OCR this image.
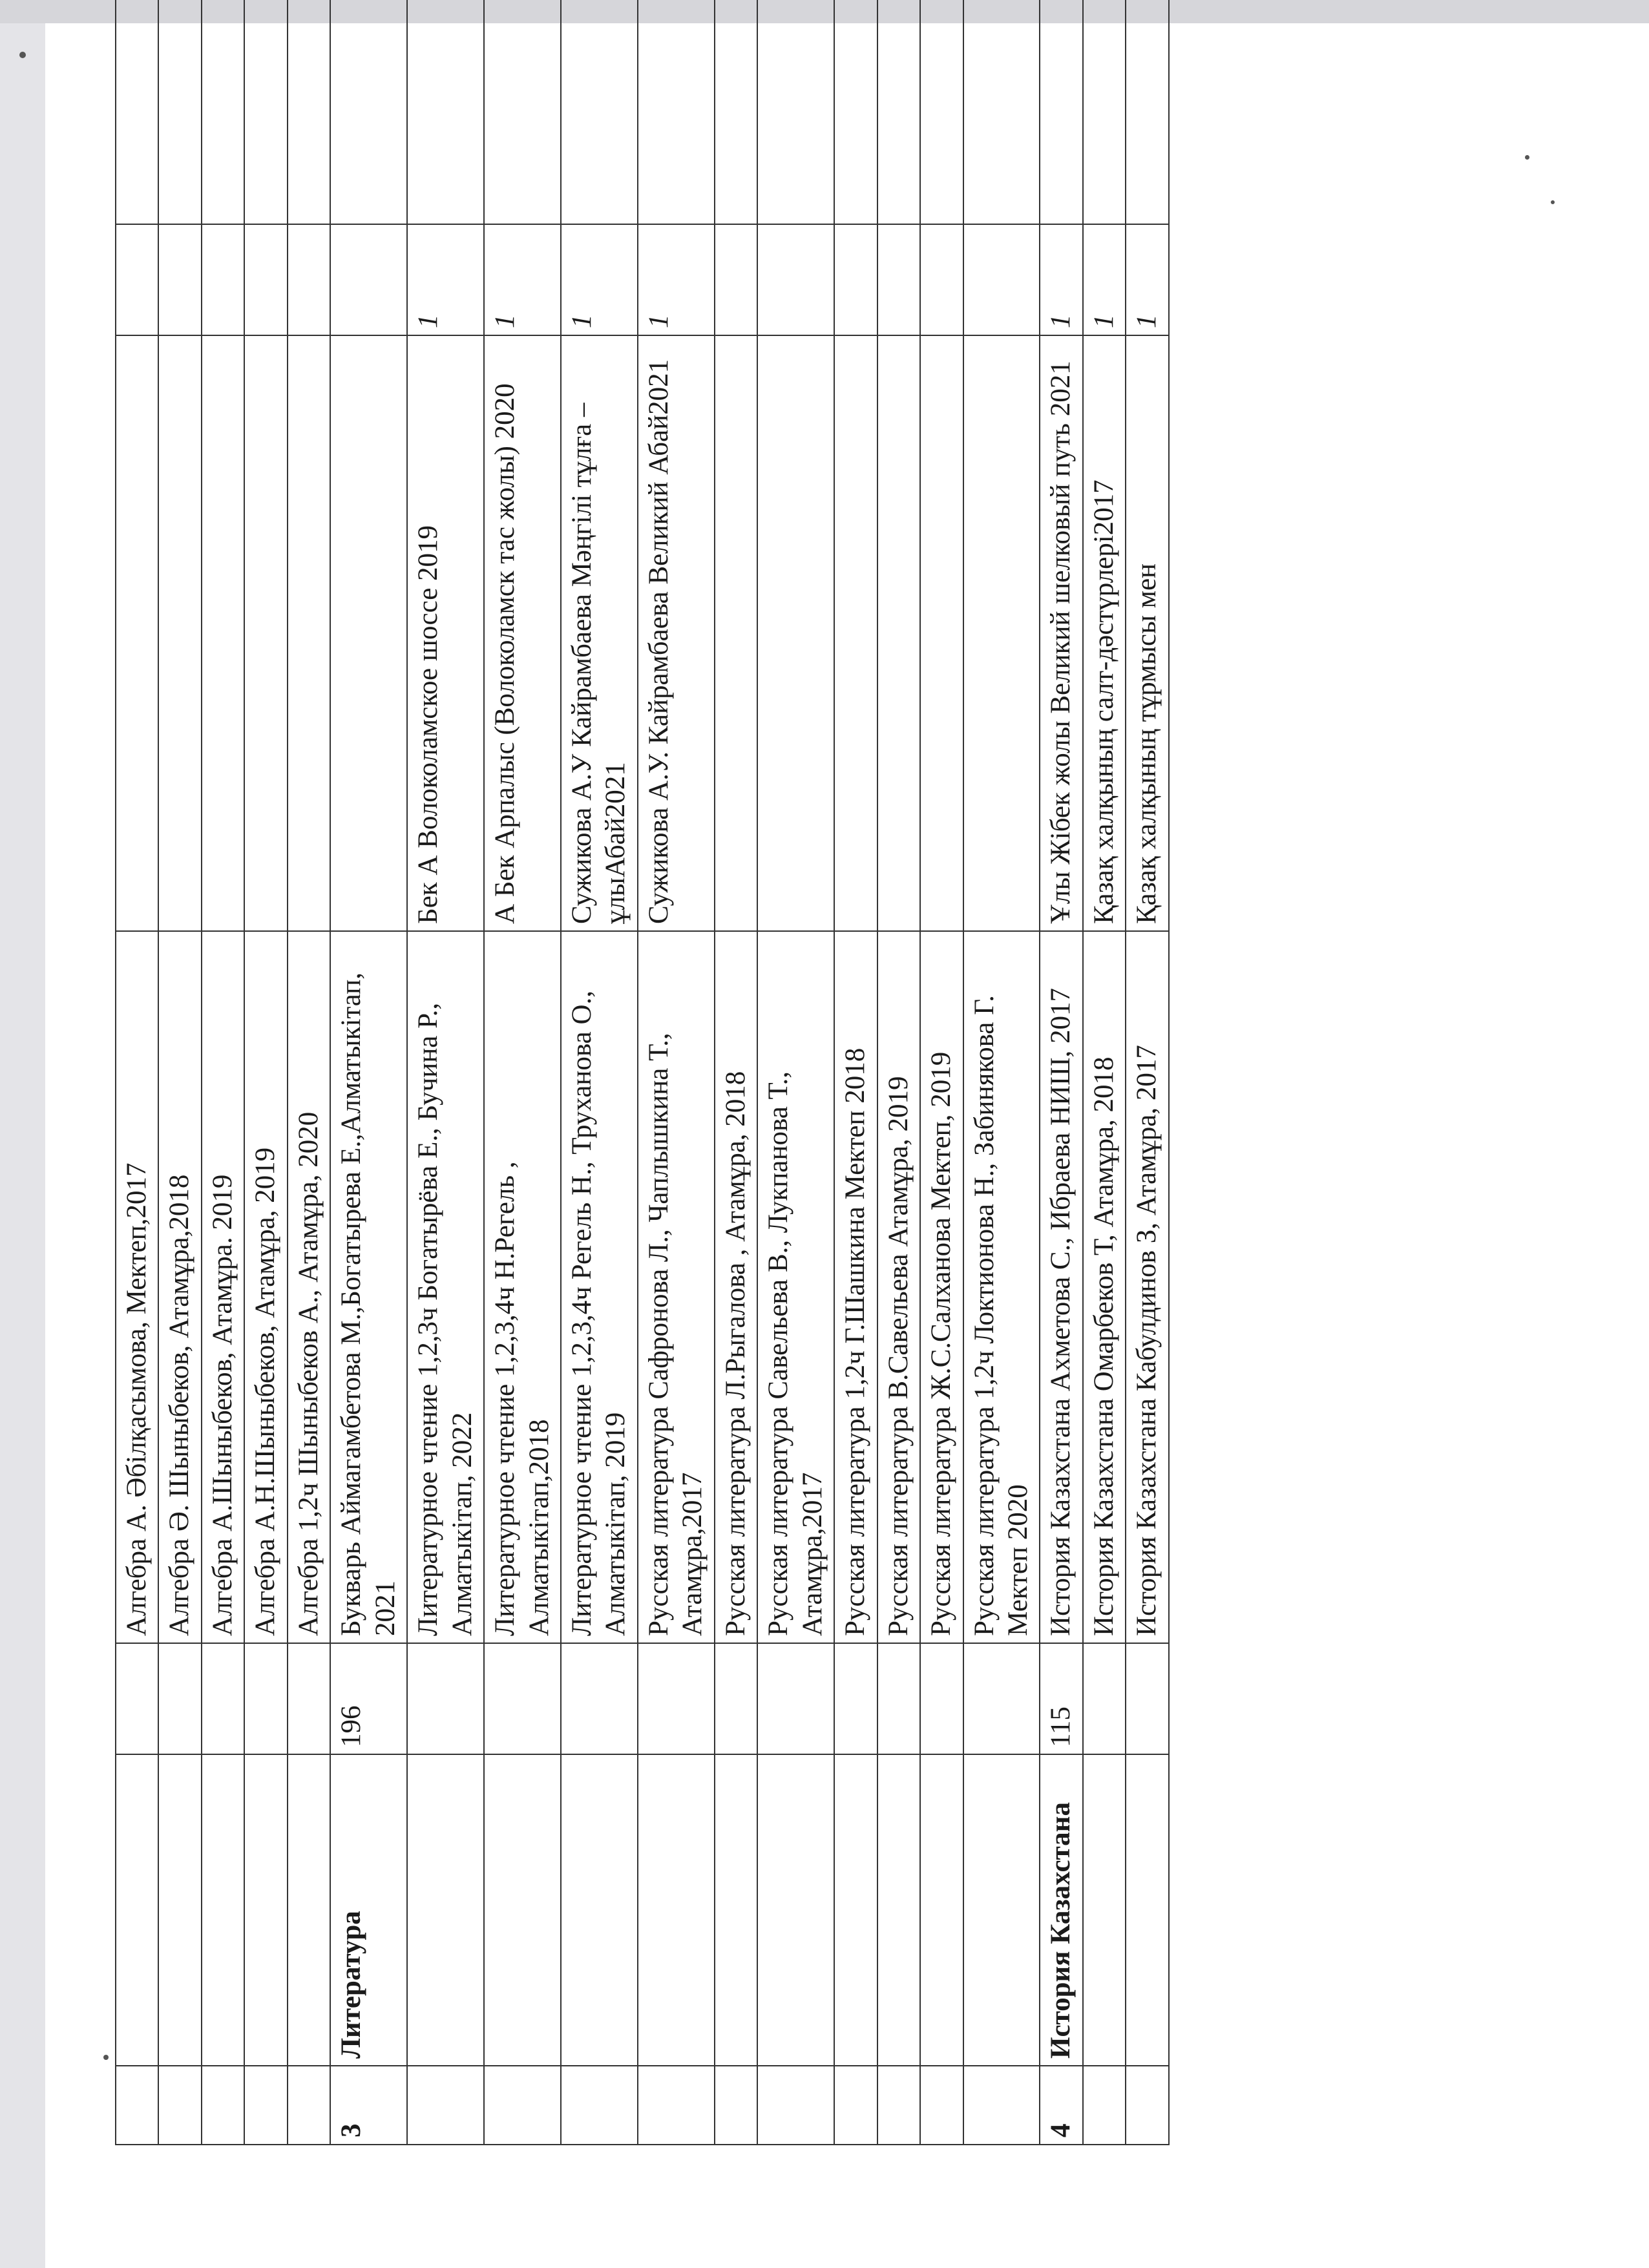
			Алгебра А. Әбілқасымова, Мектеп,2017			
			Алгебра Ә. Шыныбеков, Атамұра,2018			
			Алгебра А.Шыныбеков, Атамұра. 2019			
			Алгебра А.Н.Шыныбеков, Атамұра, 2019			
			Алгебра 1,2ч Шыныбеков А., Атамұра, 2020			
3	Литература	196	Букварь Аймагамбетова М.,Богатырева Е.,Алматыкітап, 2021			
			Литературное чтение 1,2,3ч Богатырёва Е., Бучина Р., Алматыкітап, 2022	Бек А Волоколамское шоссе 2019	1	
			Литературное чтение 1,2,3,4ч Н.Регель , Алматыкітап,2018	А Бек Арпалыс (Волоколамск тас жолы) 2020	1	
			Литературное чтение 1,2,3,4ч Регель Н., Труханова О., Алматыкітап, 2019	Сужикова А.У Кайрамбаева Мәңгілі тұлға –ұлыАбай2021	1	
			Русская литература Сафронова Л., Чаплышкина Т., Атамұра,2017	Сужикова А.У. Кайрамбаева Великий Абай2021	1	
			Русская литература Л.Рыгалова , Атамұра, 2018			
			Русская литература Савельева В., Лукпанова Т., Атамұра,2017			
			Русская литература 1,2ч Г.Шашкина Мектеп 2018			
			Русская литература В.Савельева Атамұра, 2019			
			Русская литература Ж.С.Салханова Мектеп, 2019			
			Русская литература 1,2ч Локтионова Н., Забинякова Г. Мектеп 2020			
4	История Казахстана	115	История Казахстана Ахметова С., Ибраева НИШ, 2017	Ұлы Жібек жолы Великий шелковый путь 2021	1	
			История Казахстана Омарбеков Т, Атамұра, 2018	Қазақ халқының салт-дәстүрлері2017	1	
			История Казахстана Кабулдинов З, Атамұра, 2017	Қазақ халқының тұрмысы мен	1	
